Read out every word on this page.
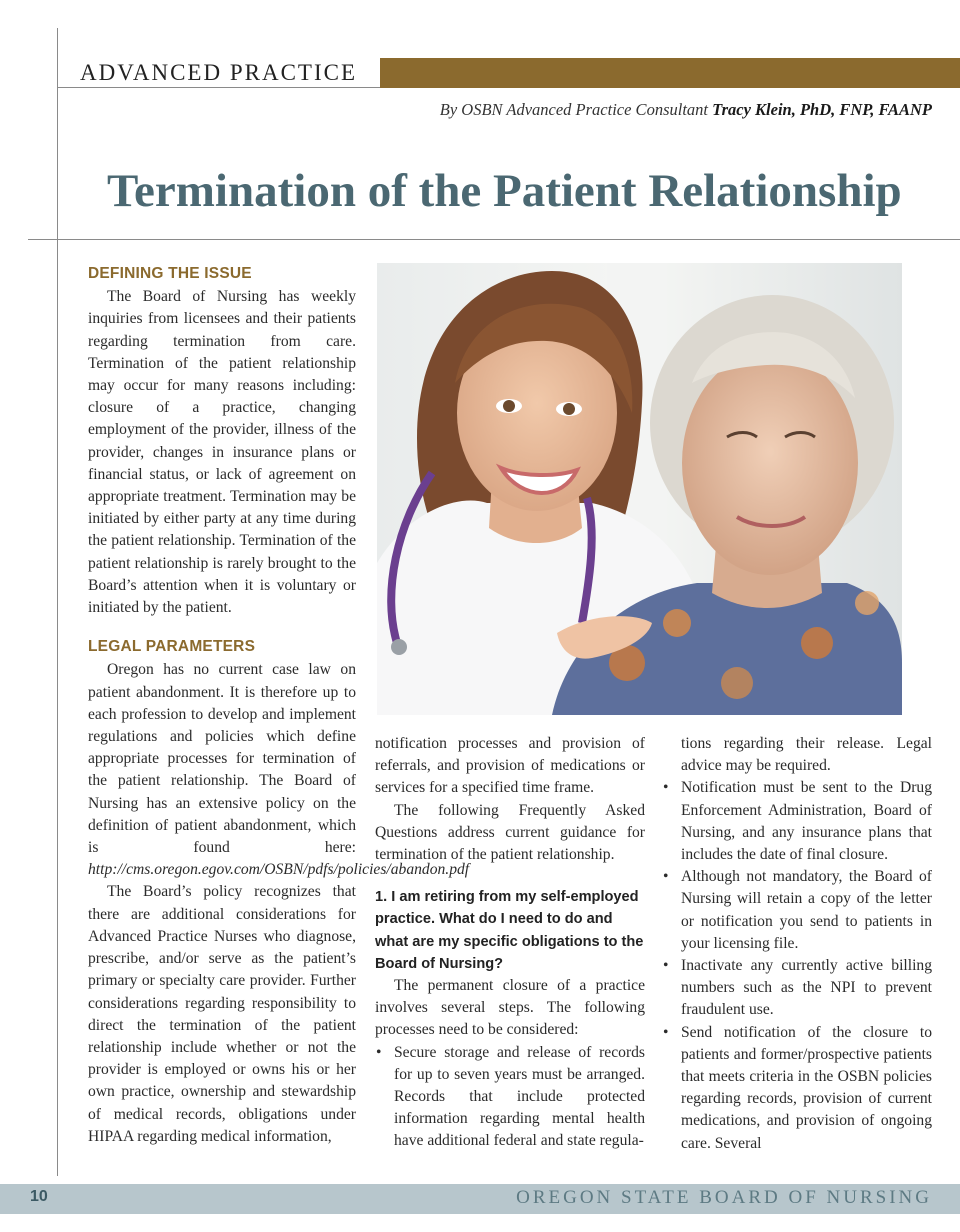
ADVANCED PRACTICE
By OSBN Advanced Practice Consultant Tracy Klein, PhD, FNP, FAANP
Termination of the Patient Relationship
DEFINING THE ISSUE

The Board of Nursing has weekly inquiries from licensees and their patients regarding termination from care. Termination of the patient relationship may occur for many reasons including: closure of a practice, changing employment of the provider, illness of the provider, changes in insurance plans or financial status, or lack of agreement on appropriate treatment. Termination may be initiated by either party at any time during the patient relationship. Termination of the patient relationship is rarely brought to the Board’s attention when it is voluntary or initiated by the patient.

LEGAL PARAMETERS

Oregon has no current case law on patient abandonment. It is therefore up to each profession to develop and implement regulations and policies which define appropriate processes for termination of the patient relationship. The Board of Nursing has an extensive policy on the definition of patient abandonment, which is found here: http://cms.oregon.egov.com/OSBN/pdfs/policies/abandon.pdf

The Board’s policy recognizes that there are additional considerations for Advanced Practice Nurses who diagnose, prescribe, and/or serve as the patient’s primary or specialty care provider. Further considerations regarding responsibility to direct the termination of the patient relationship include whether or not the provider is employed or owns his or her own practice, ownership and stewardship of medical records, obligations under HIPAA regarding medical information,

notification processes and provision of referrals, and provision of medications or services for a specified time frame.

The following Frequently Asked Questions address current guidance for termination of the patient relationship.

1. I am retiring from my self-employed practice. What do I need to do and what are my specific obligations to the Board of Nursing?

The permanent closure of a practice involves several steps. The following processes need to be considered:

• Secure storage and release of records for up to seven years must be arranged. Records that include protected information regarding mental health have additional federal and state regula-

tions regarding their release. Legal advice may be required.

• Notification must be sent to the Drug Enforcement Administration, Board of Nursing, and any insurance plans that includes the date of final closure.
• Although not mandatory, the Board of Nursing will retain a copy of the letter or notification you send to patients in your licensing file.
• Inactivate any currently active billing numbers such as the NPI to prevent fraudulent use.
• Send notification of the closure to patients and former/prospective patients that meets criteria in the OSBN policies regarding records, provision of current medications, and provision of ongoing care. Several
10	OREGON STATE BOARD OF NURSING
